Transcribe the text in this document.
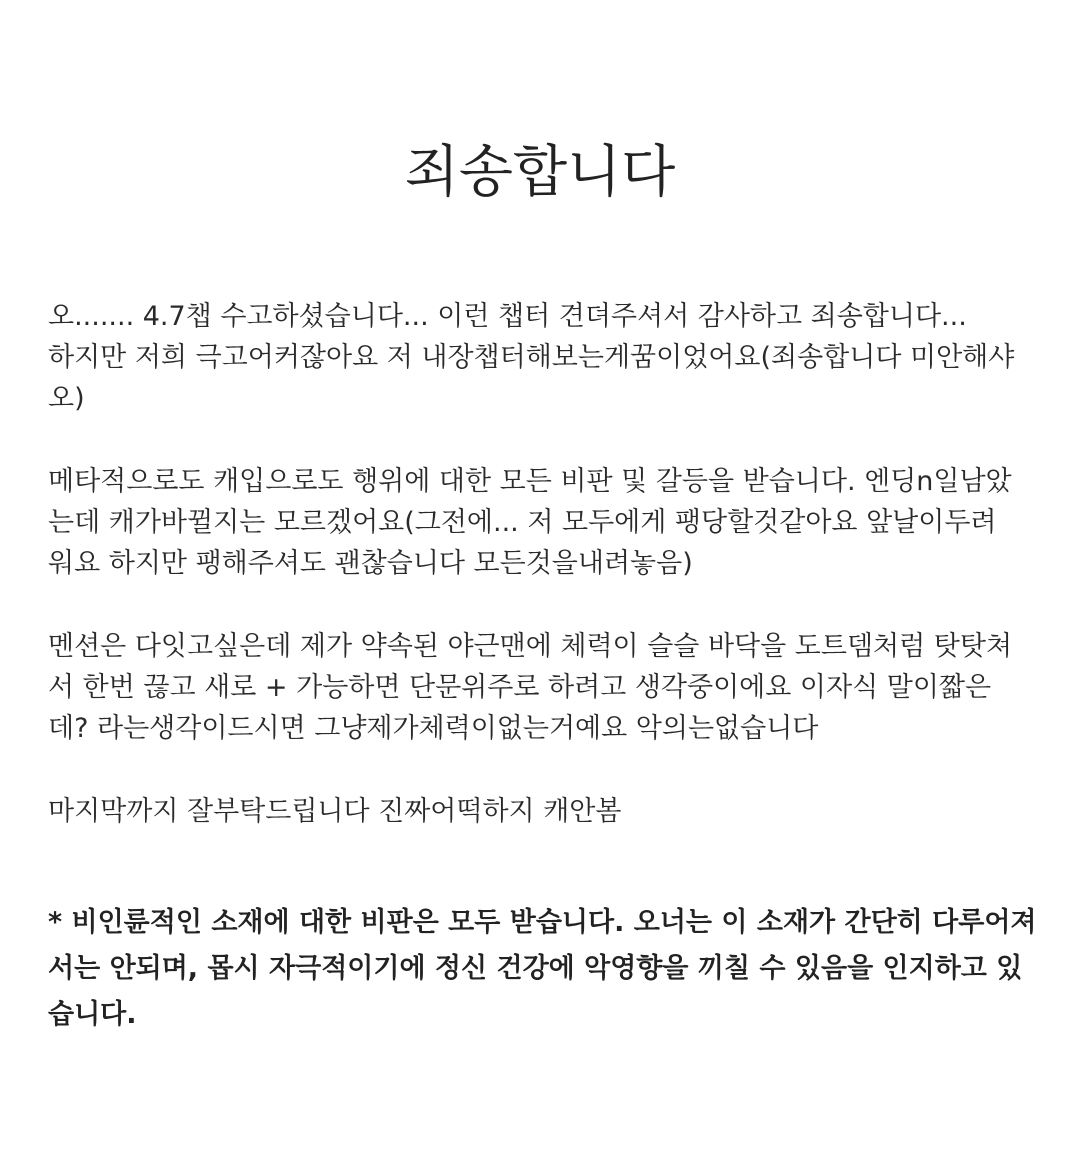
죄송합니다

오....... 4.7챕 수고하셨습니다... 이런 챕터 견뎌주셔서 감사하고 죄송합니다...
하지만 저희 극고어커잖아요 저 내장챕터해보는게꿈이었어요(죄송합니다 미안해샤
오)

메타적으로도 캐입으로도 행위에 대한 모든 비판 및 갈등을 받습니다. 엔딩n일남았
는데 캐가바뀔지는 모르겠어요(그전에... 저 모두에게 팽당할것같아요 앞날이두려
워요 하지만 팽해주셔도 괜찮습니다 모든것을내려놓음)

멘션은 다잇고싶은데 제가 약속된 야근맨에 체력이 슬슬 바닥을 도트뎀처럼 탓탓쳐
서 한번 끊고 새로 + 가능하면 단문위주로 하려고 생각중이에요 이자식 말이짧은
데? 라는생각이드시면 그냥제가체력이없는거예요 악의는없습니다

마지막까지 잘부탁드립니다 진짜어떡하지 캐안봄

* 비인륜적인 소재에 대한 비판은 모두 받습니다. 오너는 이 소재가 간단히 다루어져
서는 안되며, 몹시 자극적이기에 정신 건강에 악영향을 끼칠 수 있음을 인지하고 있
습니다.
